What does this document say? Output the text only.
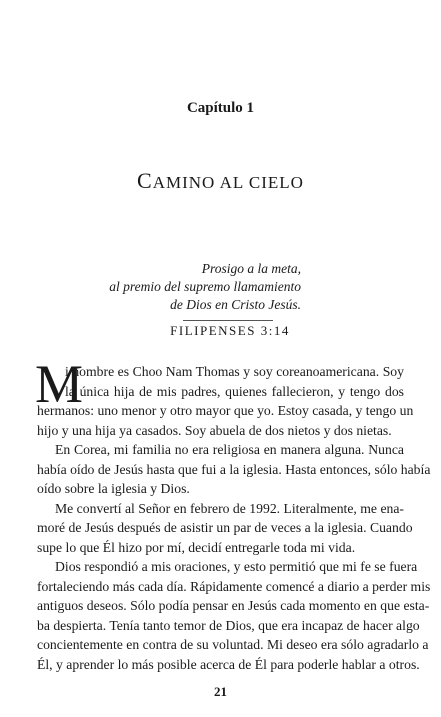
Capítulo 1
CAMINO AL CIELO
Prosigo a la meta,
al premio del supremo llamamiento
de Dios en Cristo Jesús.
FILIPENSES 3:14
M
i nombre es Choo Nam Thomas y soy coreanoamericana. Soy
la única hija de mis padres, quienes fallecieron, y tengo dos
hermanos: uno menor y otro mayor que yo. Estoy casada, y tengo un
hijo y una hija ya casados. Soy abuela de dos nietos y dos nietas.
En Corea, mi familia no era religiosa en manera alguna. Nunca
había oído de Jesús hasta que fui a la iglesia. Hasta entonces, sólo había
oído sobre la iglesia y Dios.
Me convertí al Señor en febrero de 1992. Literalmente, me ena-
moré de Jesús después de asistir un par de veces a la iglesia. Cuando
supe lo que Él hizo por mí, decidí entregarle toda mi vida.
Dios respondió a mis oraciones, y esto permitió que mi fe se fuera
fortaleciendo más cada día. Rápidamente comencé a diario a perder mis
antiguos deseos. Sólo podía pensar en Jesús cada momento en que esta-
ba despierta. Tenía tanto temor de Dios, que era incapaz de hacer algo
concientemente en contra de su voluntad. Mi deseo era sólo agradarlo a
Él, y aprender lo más posible acerca de Él para poderle hablar a otros.
21
